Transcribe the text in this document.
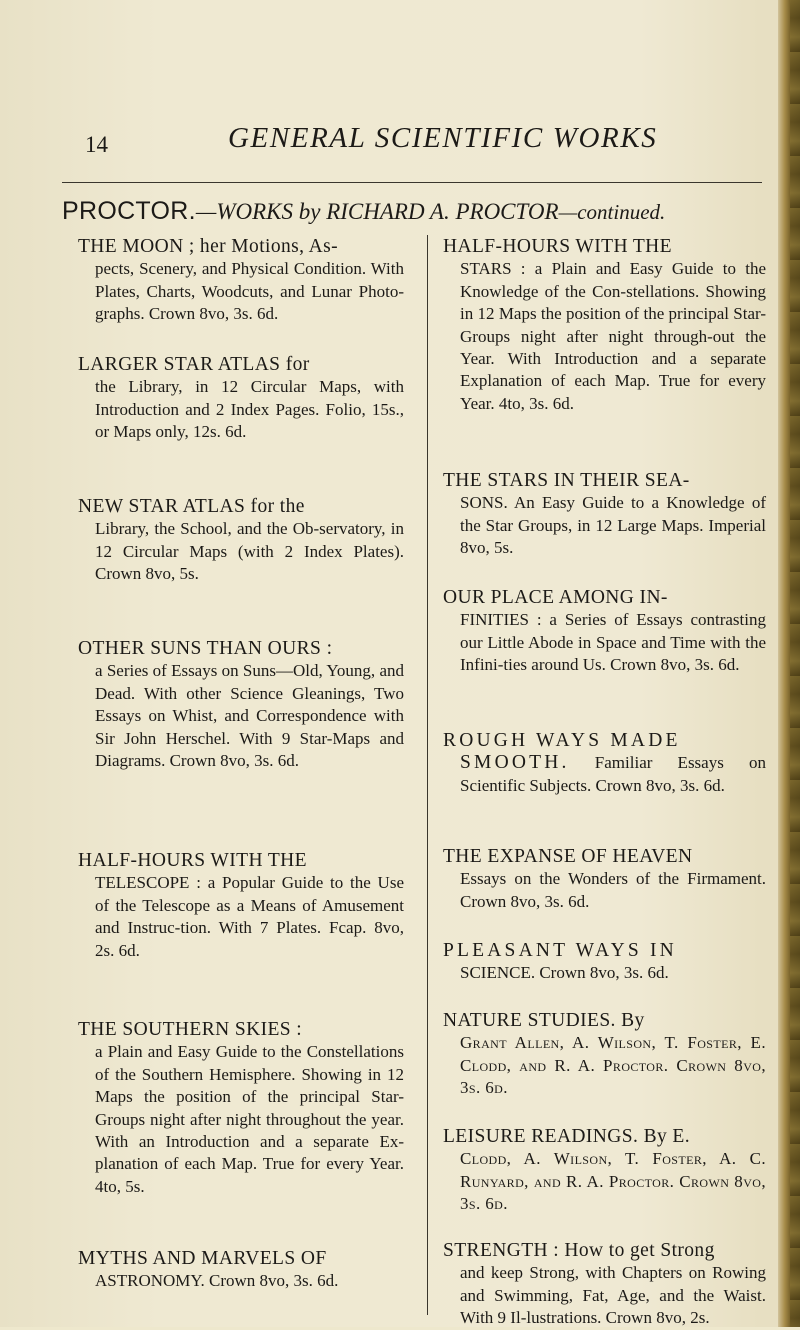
14	GENERAL SCIENTIFIC WORKS
PROCTOR.—WORKS by RICHARD A. PROCTOR—continued.

THE MOON ; her Motions, As-
pects, Scenery, and Physical Condition. With Plates, Charts, Woodcuts, and Lunar Photo-graphs. Crown 8vo, 3s. 6d.

LARGER STAR ATLAS for
the Library, in 12 Circular Maps, with Introduction and 2 Index Pages. Folio, 15s., or Maps only, 12s. 6d.

NEW STAR ATLAS for the
Library, the School, and the Ob-servatory, in 12 Circular Maps (with 2 Index Plates). Crown 8vo, 5s.

OTHER SUNS THAN OURS :
a Series of Essays on Suns—Old, Young, and Dead. With other Science Gleanings, Two Essays on Whist, and Correspondence with Sir John Herschel. With 9 Star-Maps and Diagrams. Crown 8vo, 3s. 6d.

HALF-HOURS WITH THE
TELESCOPE : a Popular Guide to the Use of the Telescope as a Means of Amusement and Instruc-tion. With 7 Plates. Fcap. 8vo, 2s. 6d.

THE SOUTHERN SKIES :
a Plain and Easy Guide to the Constellations of the Southern Hemisphere. Showing in 12 Maps the position of the principal Star-Groups night after night throughout the year. With an Introduction and a separate Ex-planation of each Map. True for every Year. 4to, 5s.

MYTHS AND MARVELS OF
ASTRONOMY. Crown 8vo, 3s. 6d.

HALF-HOURS WITH THE
STARS : a Plain and Easy Guide to the Knowledge of the Con-stellations. Showing in 12 Maps the position of the principal Star-Groups night after night through-out the Year. With Introduction and a separate Explanation of each Map. True for every Year. 4to, 3s. 6d.

THE STARS IN THEIR SEA-
SONS. An Easy Guide to a Knowledge of the Star Groups, in 12 Large Maps. Imperial 8vo, 5s.

OUR PLACE AMONG IN-
FINITIES : a Series of Essays contrasting our Little Abode in Space and Time with the Infini-ties around Us. Crown 8vo, 3s. 6d.

ROUGH WAYS MADE
SMOOTH. Familiar Essays on Scientific Subjects. Crown 8vo, 3s. 6d.

THE EXPANSE OF HEAVEN
Essays on the Wonders of the Firmament. Crown 8vo, 3s. 6d.

PLEASANT WAYS IN
SCIENCE. Crown 8vo, 3s. 6d.

NATURE STUDIES. By
Grant Allen, A. Wilson, T. Foster, E. Clodd, and R. A. Proctor. Crown 8vo, 3s. 6d.

LEISURE READINGS. By E.
Clodd, A. Wilson, T. Foster, A. C. Runyard, and R. A. Proctor. Crown 8vo, 3s. 6d.

STRENGTH : How to get Strong
and keep Strong, with Chapters on Rowing and Swimming, Fat, Age, and the Waist. With 9 Il-lustrations. Crown 8vo, 2s.
